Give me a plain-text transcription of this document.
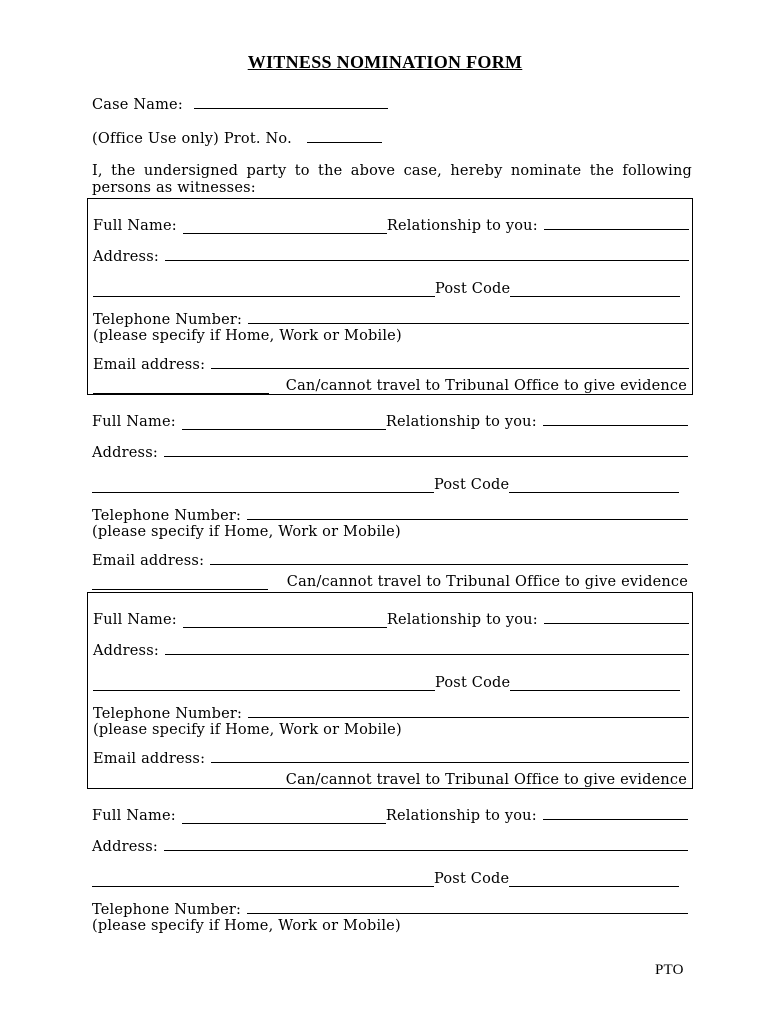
WITNESS NOMINATION FORM
Case Name:
(Office Use only) Prot. No.
I, the undersigned party to the above case, hereby nominate the following persons as witnesses:
Full Name:	Relationship to you:
Address:
Post Code
Telephone Number:
(please specify if Home, Work or Mobile)
Email address:
Can/cannot travel to Tribunal Office to give evidence
Full Name:	Relationship to you:
Address:
Post Code
Telephone Number:
(please specify if Home, Work or Mobile)
Email address:
Can/cannot travel to Tribunal Office to give evidence
Full Name:	Relationship to you:
Address:
Post Code
Telephone Number:
(please specify if Home, Work or Mobile)
Email address:
Can/cannot travel to Tribunal Office to give evidence
Full Name:	Relationship to you:
Address:
Post Code
Telephone Number:
(please specify if Home, Work or Mobile)
PTO
